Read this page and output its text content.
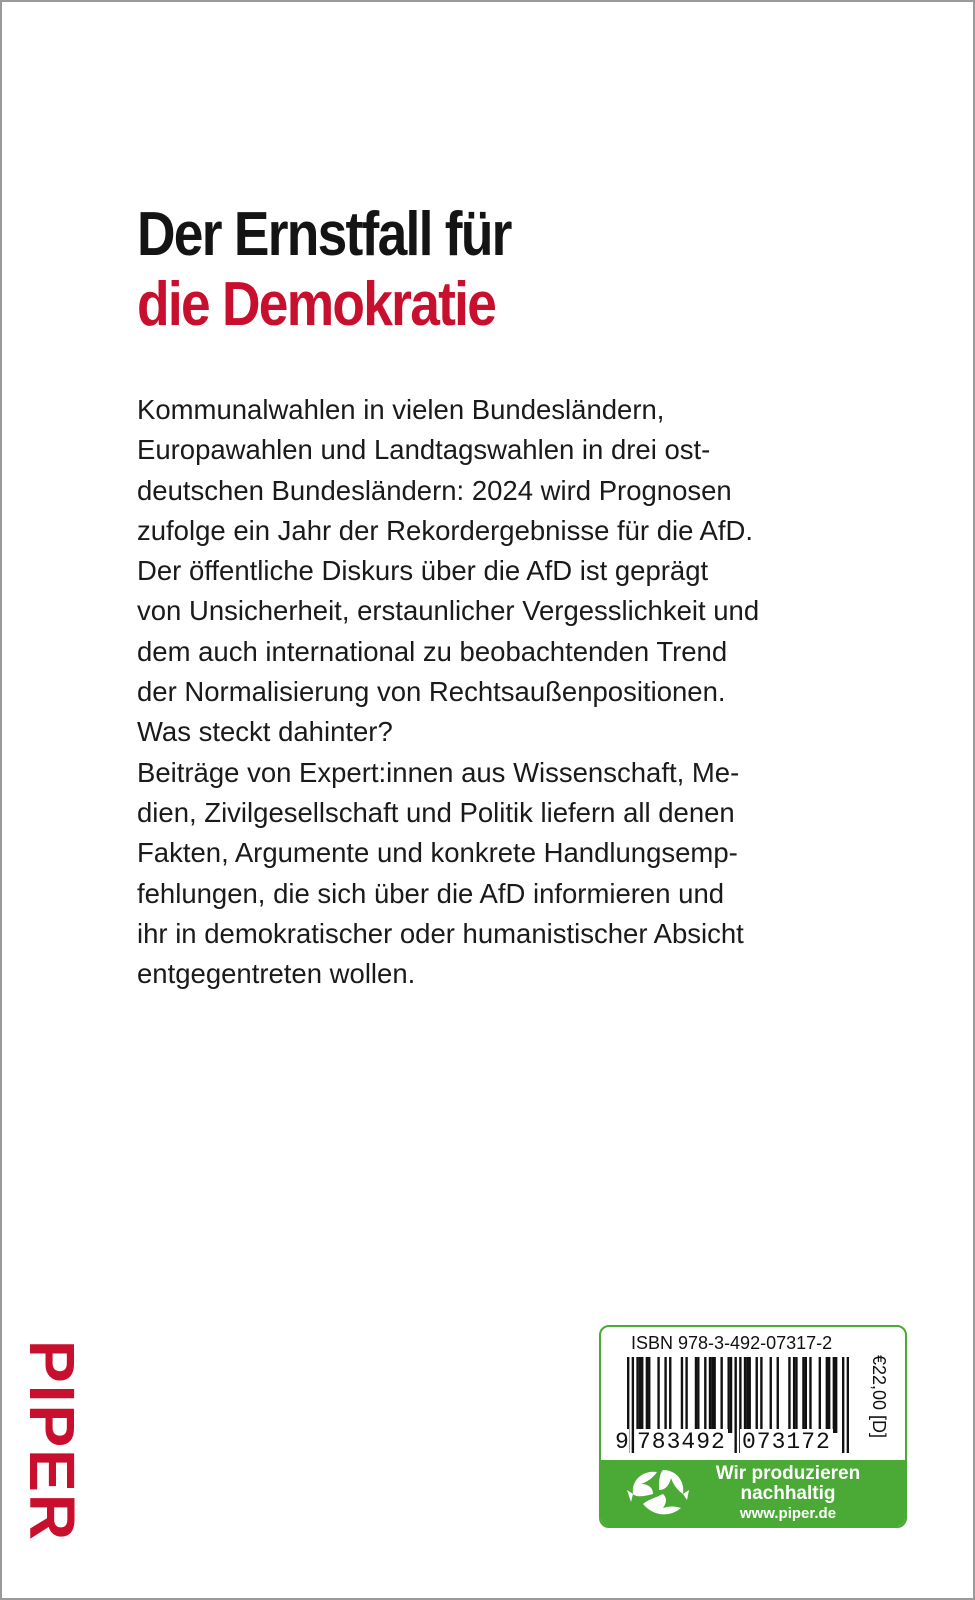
Der Ernstfall für
die Demokratie
Kommunalwahlen in vielen Bundesländern,
Europawahlen und Landtagswahlen in drei ost-
deutschen Bundesländern: 2024 wird Prognosen
zufolge ein Jahr der Rekordergebnisse für die AfD.
Der öffentliche Diskurs über die AfD ist geprägt
von Unsicherheit, erstaunlicher Vergesslichkeit und
dem auch international zu beobachtenden Trend
der Normalisierung von Rechtsaußenpositionen.
Was steckt dahinter?
Beiträge von Expert:innen aus Wissenschaft, Me-
dien, Zivilgesellschaft und Politik liefern all denen
Fakten, Argumente und konkrete Handlungsemp-
fehlungen, die sich über die AfD informieren und
ihr in demokratischer oder humanistischer Absicht
entgegentreten wollen.
PIPER	ISBN 978-3-492-07317-2
9 783492 073172
€22,00 [D]
Wir produzieren
nachhaltig
www.piper.de
